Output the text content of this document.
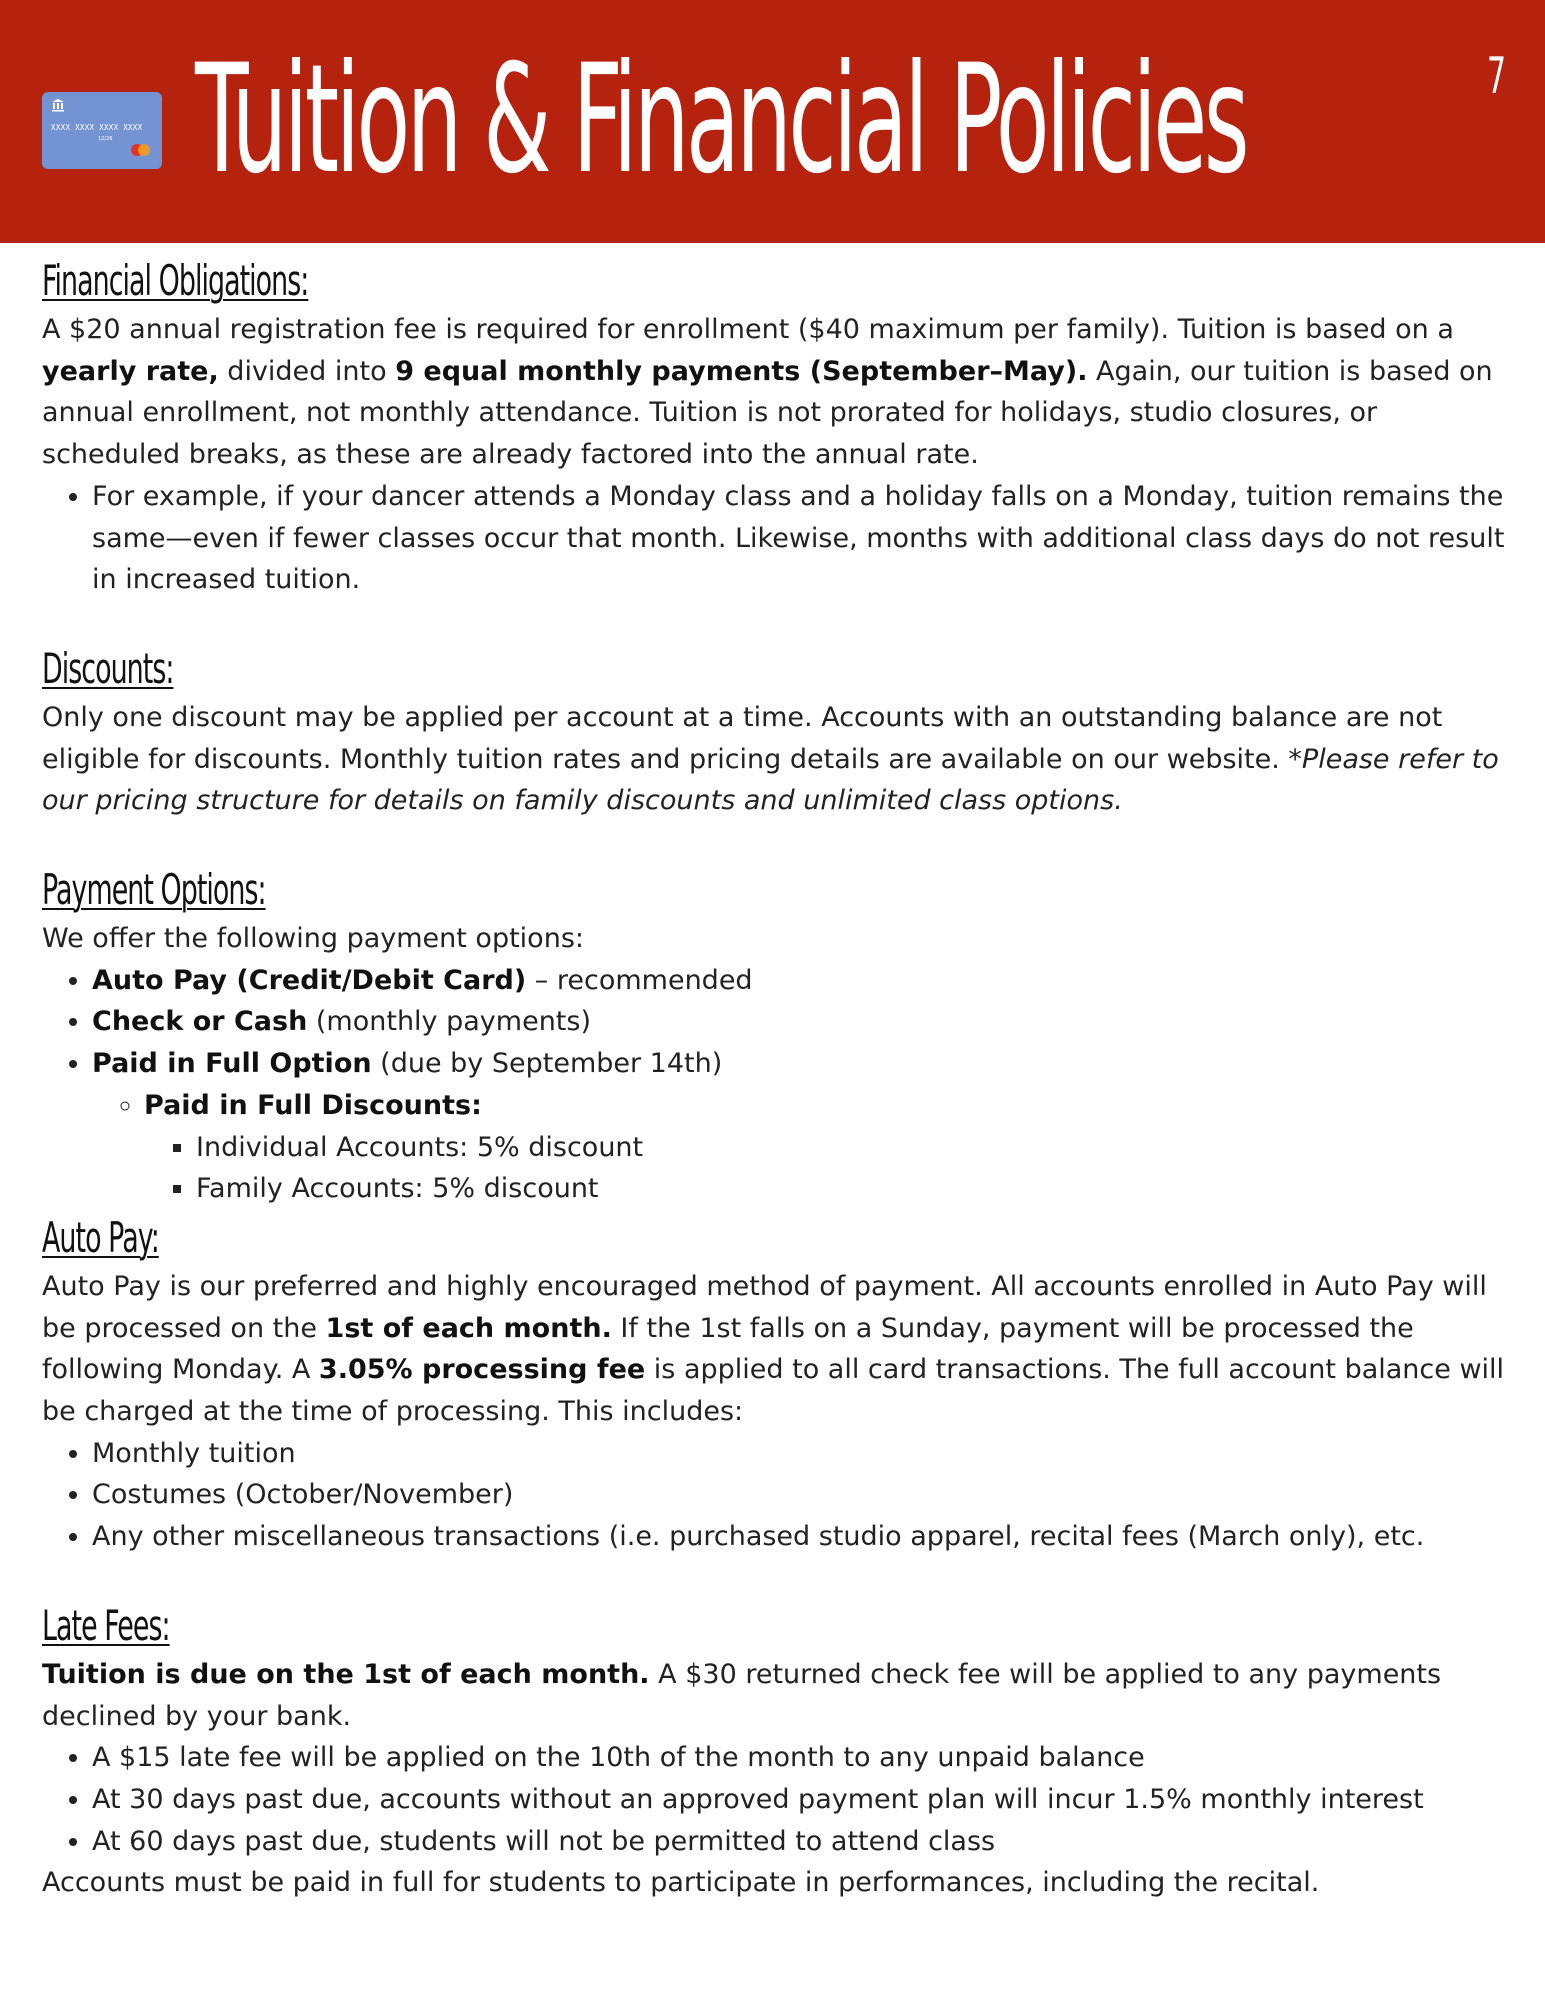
XXXX XXXX XXXX XXXX
12/26 Tuition & Financial Policies	7
Financial Obligations:

A $20 annual registration fee is required for enrollment ($40 maximum per family). Tuition is based on a
yearly rate, divided into 9 equal monthly payments (September–May). Again, our tuition is based on annual enrollment, not monthly attendance. Tuition is not prorated for holidays, studio closures, or scheduled breaks, as these are already factored into the annual rate.

• For example, if your dancer attends a Monday class and a holiday falls on a Monday, tuition remains the same—even if fewer classes occur that month. Likewise, months with additional class days do not result in increased tuition.
Discounts:

Only one discount may be applied per account at a time. Accounts with an outstanding balance are not eligible for discounts. Monthly tuition rates and pricing details are available on our website. *Please refer to our pricing structure for details on family discounts and unlimited class options.

Payment Options:

We offer the following payment options:

• Auto Pay (Credit/Debit Card) – recommended
• Check or Cash (monthly payments)
• Paid in Full Option (due by September 14th)
◦ Paid in Full Discounts:
▪ Individual Accounts: 5% discount
▪ Family Accounts: 5% discount
Auto Pay:

Auto Pay is our preferred and highly encouraged method of payment. All accounts enrolled in Auto Pay will be processed on the 1st of each month. If the 1st falls on a Sunday, payment will be processed the following Monday. A 3.05% processing fee is applied to all card transactions. The full account balance will be charged at the time of processing. This includes:

• Monthly tuition
• Costumes (October/November)
• Any other miscellaneous transactions (i.e. purchased studio apparel, recital fees (March only), etc.
Late Fees:

Tuition is due on the 1st of each month. A $30 returned check fee will be applied to any payments declined by your bank.

• A $15 late fee will be applied on the 10th of the month to any unpaid balance
• At 30 days past due, accounts without an approved payment plan will incur 1.5% monthly interest
• At 60 days past due, students will not be permitted to attend class

Accounts must be paid in full for students to participate in performances, including the recital.
